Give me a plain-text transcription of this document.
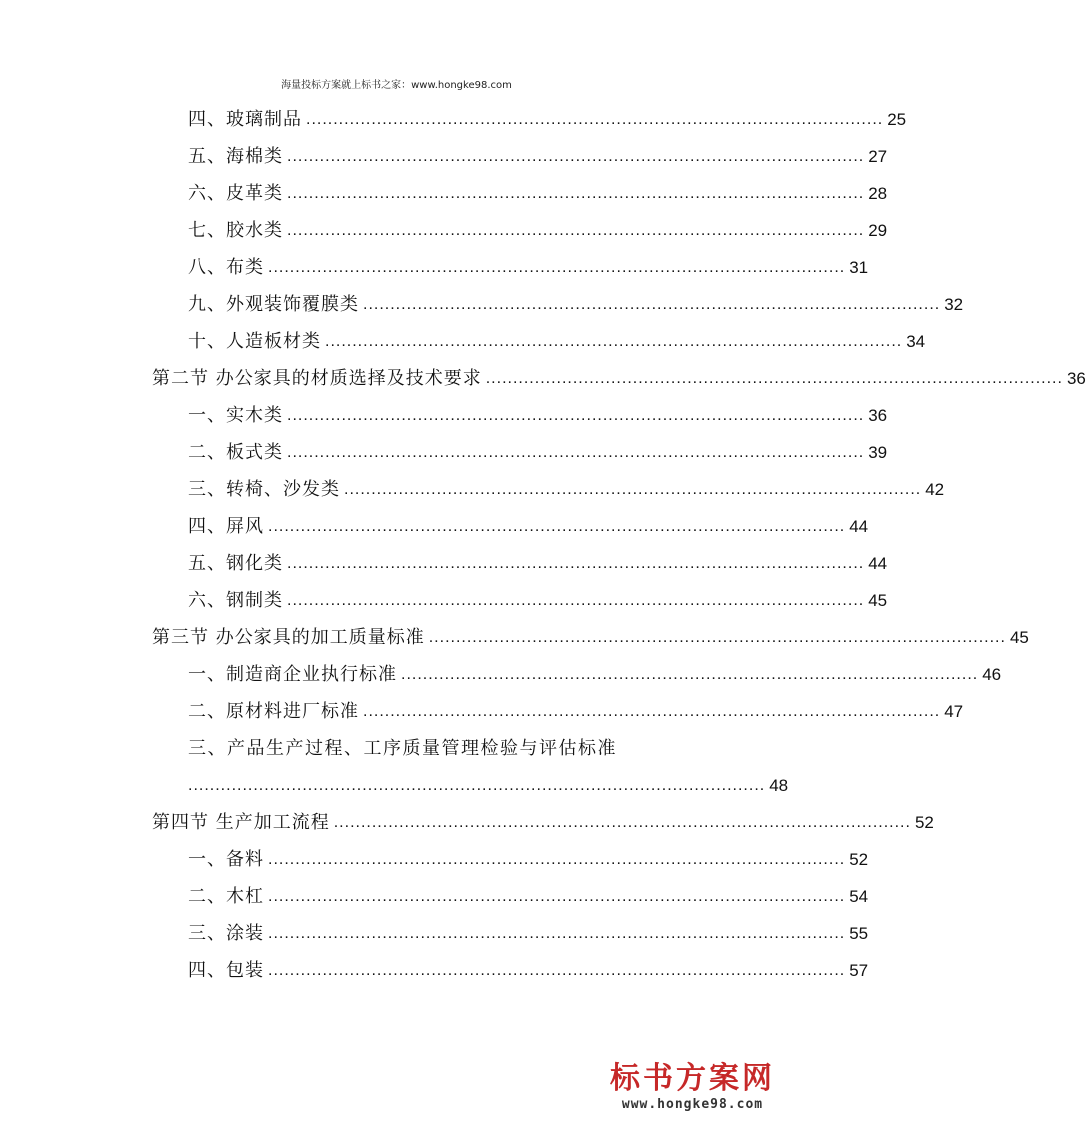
海量投标方案就上标书之家：www.hongke98.com
四、玻璃制品 .......................................................................................................... 25
五、海棉类 .......................................................................................................... 27
六、皮革类 .......................................................................................................... 28
七、胶水类 .......................................................................................................... 29
八、布类 .......................................................................................................... 31
九、外观装饰覆膜类 .......................................................................................................... 32
十、人造板材类 .......................................................................................................... 34
第二节 办公家具的材质选择及技术要求 .......................................................................................................... 36
一、实木类 .......................................................................................................... 36
二、板式类 .......................................................................................................... 39
三、转椅、沙发类 .......................................................................................................... 42
四、屏风 .......................................................................................................... 44
五、钢化类 .......................................................................................................... 44
六、钢制类 .......................................................................................................... 45
第三节 办公家具的加工质量标准 .......................................................................................................... 45
一、制造商企业执行标准 .......................................................................................................... 46
二、原材料进厂标准 .......................................................................................................... 47
三、产品生产过程、工序质量管理检验与评估标准
.......................................................................................................... 48
第四节 生产加工流程 .......................................................................................................... 52
一、备料 .......................................................................................................... 52
二、木杠 .......................................................................................................... 54
三、涂装 .......................................................................................................... 55
四、包装 .......................................................................................................... 57
标书方案网
www.hongke98.com
